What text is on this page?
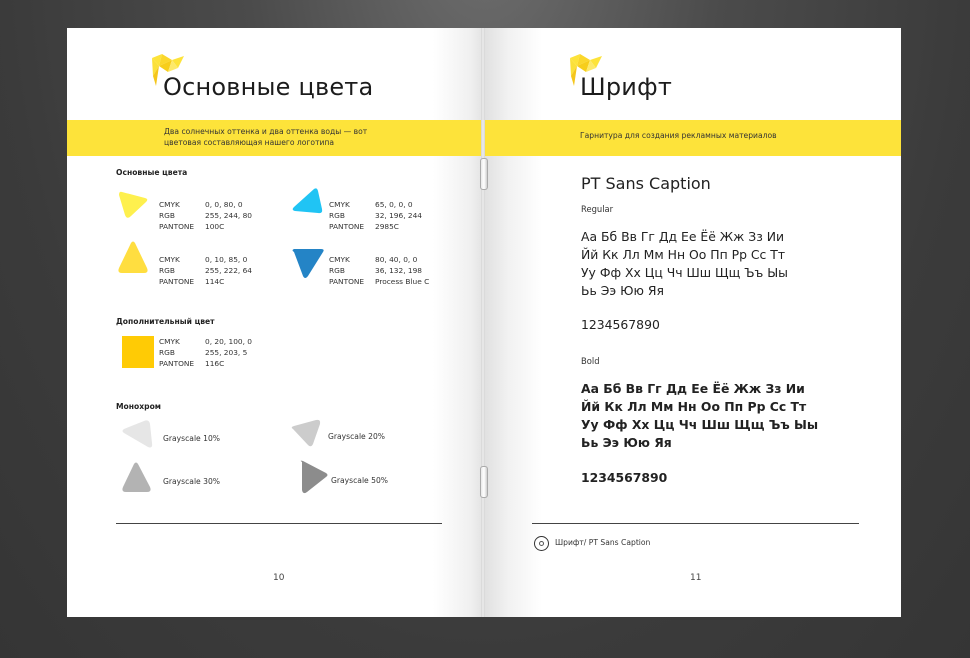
Основные цвета
Два солнечных оттенка и два оттенка воды — вот
цветовая составляющая нашего логотипа
Основные цвета
CMYK	0, 0, 80, 0
RGB	255, 244, 80
PANTONE 100C
CMYK	65, 0, 0, 0
RGB	32, 196, 244
PANTONE 2985C
CMYK	0, 10, 85, 0
RGB	255, 222, 64
PANTONE 114C
CMYK	80, 40, 0, 0
RGB	36, 132, 198
PANTONE Process Blue C
Дополнительный цвет
CMYK	0, 20, 100, 0
RGB	255, 203, 5
PANTONE 116C
Монохром
Grayscale 10%	Grayscale 20%
Grayscale 30%	Grayscale 50%
10
Шрифт
Гарнитура для создания рекламных материалов
PT Sans Caption
Regular
Аа Бб Вв Гг Дд Ее Ёё Жж Зз Ии
Йй Кк Лл Мм Нн Оо Пп Рр Сс Тт
Уу Фф Хх Цц Чч Шш Щщ Ъъ Ыы
Ьь Ээ Юю Яя
1234567890
Bold
Аа Бб Вв Гг Дд Ее Ёё Жж Зз Ии
Йй Кк Лл Мм Нн Оо Пп Рр Сс Тт
Уу Фф Хх Цц Чч Шш Щщ Ъъ Ыы
Ьь Ээ Юю Яя
1234567890
Шрифт/ PT Sans Caption
11
